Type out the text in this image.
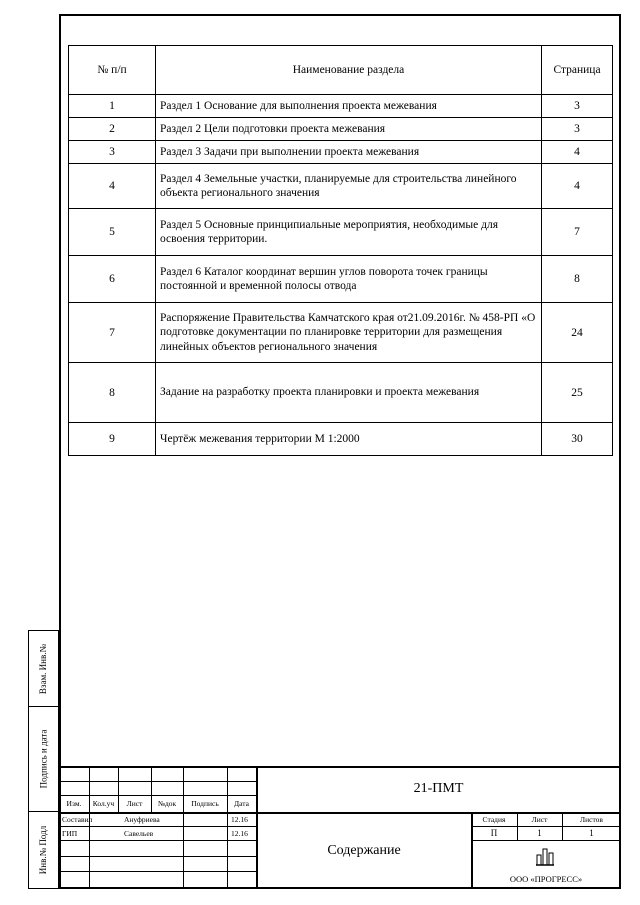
№ п/п	Наименование раздела	Страница
1	Раздел 1 Основание для выполнения проекта межевания	3
2	Раздел 2 Цели подготовки проекта межевания	3
3	Раздел 3 Задачи при выполнении проекта межевания	4
4	Раздел 4 Земельные участки, планируемые для строительства линейного объекта регионального значения	4
5	Раздел 5 Основные принципиальные мероприятия, необходимые для освоения территории.	7
6	Раздел 6 Каталог координат вершин углов поворота точек границы постоянной и временной полосы отвода	8
7	Распоряжение Правительства Камчатского края от21.09.2016г. № 458-РП «О подготовке документации по планировке территории для размещения линейных объектов регионального значения	24
8	Задание на разработку проекта планировки и проекта межевания	25
9	Чертёж межевания территории М 1:2000	30
Взам. Инв.№
Подпись и дата
Инв.№ Подл
21-ПМТ
Изм.	Кол.уч	Лист	№док	Подпись	Дата
Составил	Ануфриева	12.16
ГИП	Савельев	12.16
Содержание
Стадия	Лист	Листов
П	1	1
ООО «ПРОГРЕСС»
